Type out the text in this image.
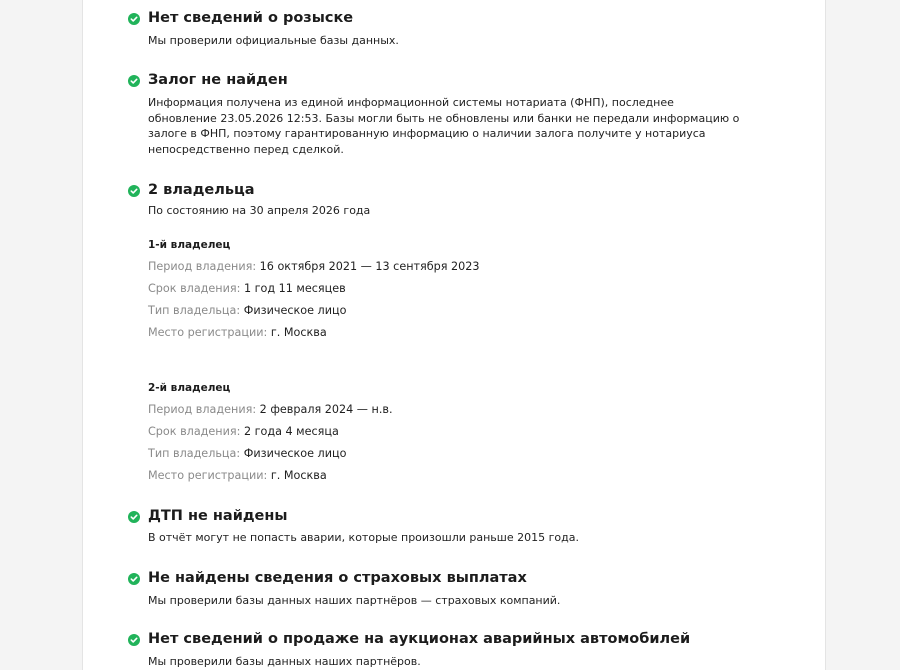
Нет сведений о розыске
Мы проверили официальные базы данных.
Залог не найден
Информация получена из единой информационной системы нотариата (ФНП), последнее
обновление 23.05.2026 12:53. Базы могли быть не обновлены или банки не передали информацию о
залоге в ФНП, поэтому гарантированную информацию о наличии залога получите у нотариуса
непосредственно перед сделкой.
2 владельца
По состоянию на 30 апреля 2026 года
1-й владелец
Период владения: 16 октября 2021 — 13 сентября 2023
Срок владения: 1 год 11 месяцев
Тип владельца: Физическое лицо
Место регистрации: г. Москва
2-й владелец
Период владения: 2 февраля 2024 — н.в.
Срок владения: 2 года 4 месяца
Тип владельца: Физическое лицо
Место регистрации: г. Москва
ДТП не найдены
В отчёт могут не попасть аварии, которые произошли раньше 2015 года.
Не найдены сведения о страховых выплатах
Мы проверили базы данных наших партнёров — страховых компаний.
Нет сведений о продаже на аукционах аварийных автомобилей
Мы проверили базы данных наших партнёров.
